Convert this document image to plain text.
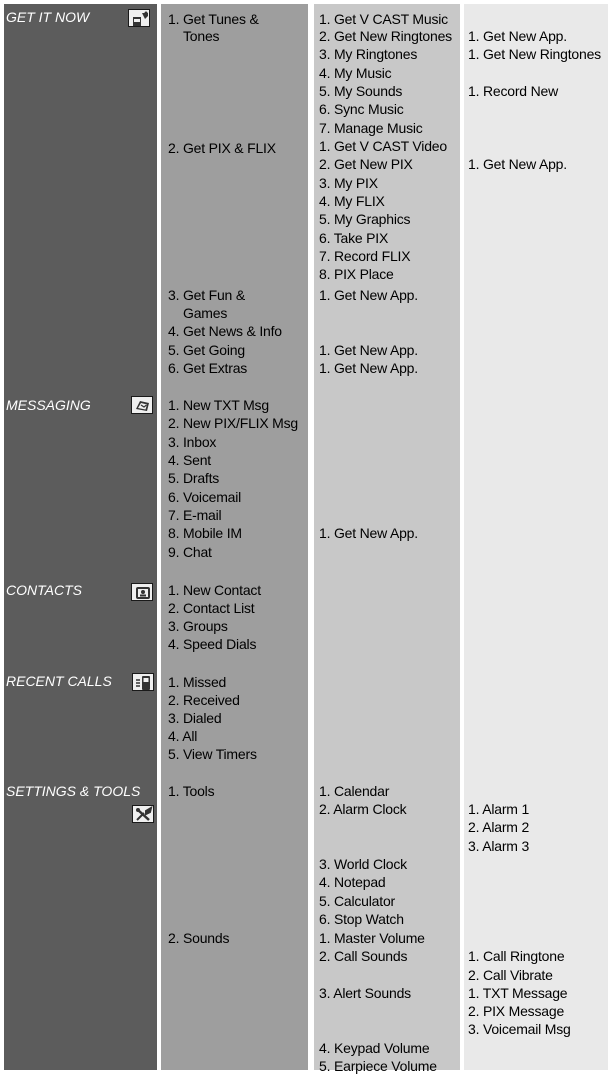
GET IT NOW
MESSAGING
CONTACTS
RECENT CALLS
SETTINGS & TOOLS
1. Get Tunes &
Tones
2. Get PIX & FLIX
3. Get Fun &
Games
4. Get News & Info
5. Get Going
6. Get Extras
1. New TXT Msg
2. New PIX/FLIX Msg
3. Inbox
4. Sent
5. Drafts
6. Voicemail
7. E-mail
8. Mobile IM
9. Chat
1. New Contact
2. Contact List
3. Groups
4. Speed Dials
1. Missed
2. Received
3. Dialed
4. All
5. View Timers
1. Tools
2. Sounds
1. Get V CAST Music
2. Get New Ringtones
3. My Ringtones
4. My Music
5. My Sounds
6. Sync Music
7. Manage Music
1. Get V CAST Video
2. Get New PIX
3. My PIX
4. My FLIX
5. My Graphics
6. Take PIX
7. Record FLIX
8. PIX Place
1. Get New App.
1. Get New App.
1. Get New App.
1. Get New App.
1. Calendar
2. Alarm Clock
3. World Clock
4. Notepad
5. Calculator
6. Stop Watch
1. Master Volume
2. Call Sounds
3. Alert Sounds
4. Keypad Volume
5. Earpiece Volume
1. Get New App.
1. Get New Ringtones
1. Record New
1. Get New App.
1. Alarm 1
2. Alarm 2
3. Alarm 3
1. Call Ringtone
2. Call Vibrate
1. TXT Message
2. PIX Message
3. Voicemail Msg
